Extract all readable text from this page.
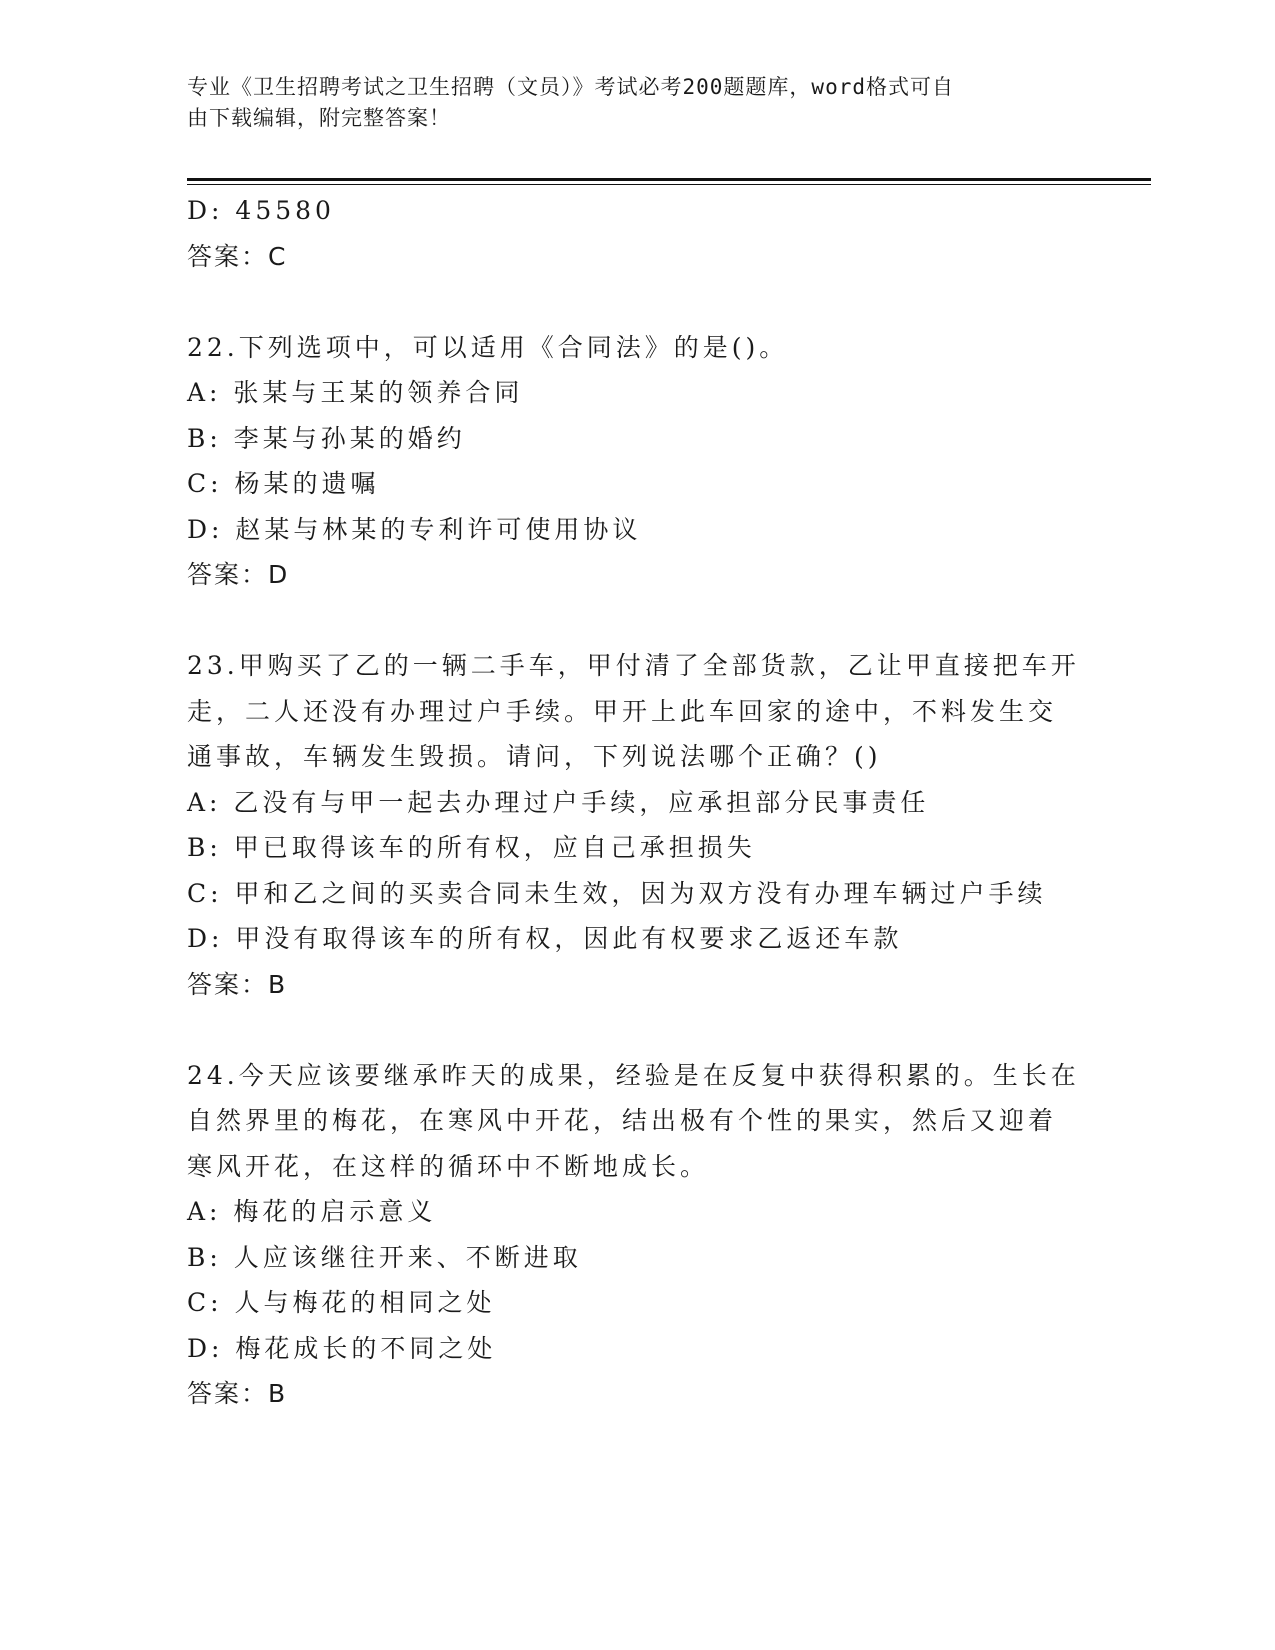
专业《卫生招聘考试之卫生招聘（文员）》考试必考200题题库，word格式可自
由下载编辑，附完整答案！
D: 45580
答案：C
22.下列选项中，可以适用《合同法》的是()。
A: 张某与王某的领养合同
B: 李某与孙某的婚约
C: 杨某的遗嘱
D: 赵某与林某的专利许可使用协议
答案：D
23.甲购买了乙的一辆二手车，甲付清了全部货款，乙让甲直接把车开
走，二人还没有办理过户手续。甲开上此车回家的途中，不料发生交
通事故，车辆发生毁损。请问，下列说法哪个正确？()
A: 乙没有与甲一起去办理过户手续，应承担部分民事责任
B: 甲已取得该车的所有权，应自己承担损失
C: 甲和乙之间的买卖合同未生效，因为双方没有办理车辆过户手续
D: 甲没有取得该车的所有权，因此有权要求乙返还车款
答案：B
24.今天应该要继承昨天的成果，经验是在反复中获得积累的。生长在
自然界里的梅花，在寒风中开花，结出极有个性的果实，然后又迎着
寒风开花，在这样的循环中不断地成长。
A: 梅花的启示意义
B: 人应该继往开来、不断进取
C: 人与梅花的相同之处
D: 梅花成长的不同之处
答案：B
